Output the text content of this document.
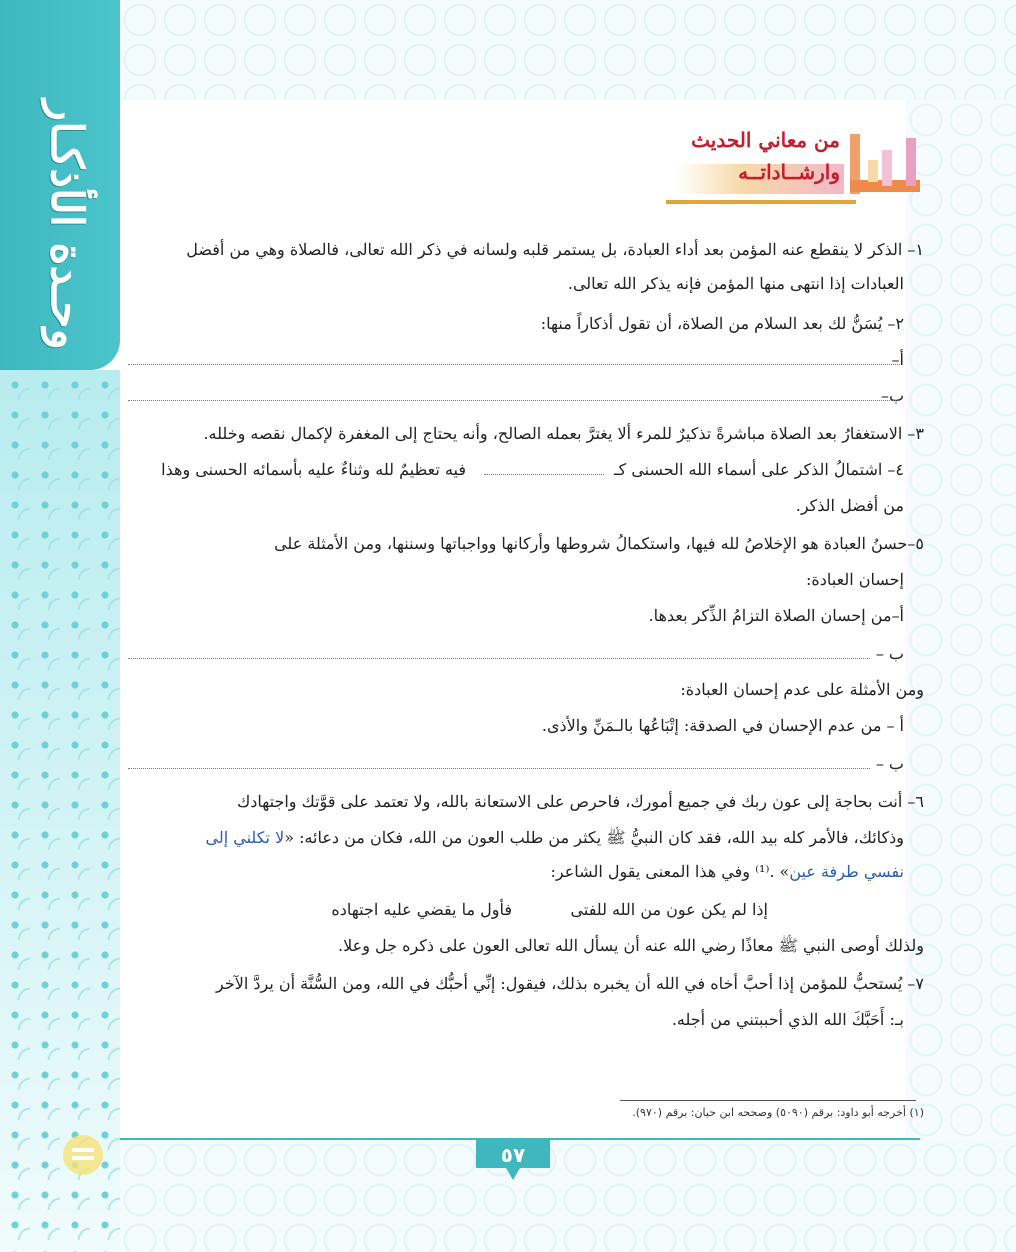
وحـدة الأذكـار	من معاني الحديث
وارشــاداتــه
١– الذكر لا ينقطع عنه المؤمن بعد أداء العبادة، بل يستمر قلبه ولسانه في ذكر الله تعالى، فالصلاة وهي من أفضل
العبادات إذا انتهى منها المؤمن فإنه يذكر الله تعالى.
٢– يُسَنُّ لك بعد السلام من الصلاة، أن تقول أذكاراً منها:
أ–
ب–
٣– الاستغفارُ بعد الصلاة مباشرةً تذكيرٌ للمرء ألا يغترَّ بعمله الصالح، وأنه يحتاج إلى المغفرة لإكمال نقصه وخلله.
٤– اشتمالُ الذكر على أسماء الله الحسنى كـ
فيه تعظيمٌ لله وثناءٌ عليه بأسمائه الحسنى وهذا
من أفضل الذكر.
٥–حسنُ العبادة هو الإخلاصُ لله فيها، واستكمالُ شروطها وأركانها وواجباتها وسننها، ومن الأمثلة على
إحسان العبادة:
أ–من إحسان الصلاة التزامُ الذِّكر بعدها.
ب –
ومن الأمثلة على عدم إحسان العبادة:
أ – من عدم الإحسان في الصدقة: إتْبَاعُها بالـمَنِّ والأذى.
ب –
٦– أنت بحاجة إلى عون ربك في جميع أمورك، فاحرص على الاستعانة بالله، ولا تعتمد على قوَّتك واجتهادك
وذكائك، فالأمر كله بيد الله، فقد كان النبيُّ ﷺ يكثر من طلب العون من الله، فكان من دعائه: «لا تكلني إلى
نفسي طرفة عين» .⁽¹⁾ وفي هذا المعنى يقول الشاعر:
إذا لم يكن عون من الله للفتى
فأول ما يقضي عليه اجتهاده
ولذلك أوصى النبي ﷺ معاذًا رضي الله عنه أن يسأل الله تعالى العون على ذكره جل وعلا.
٧– يُستحبُّ للمؤمن إذا أحبَّ أخاه في الله أن يخبره بذلك، فيقول: إنِّي أحبُّك في الله، ومن السُّنَّة أن يردَّ الآخر
بـ: أَحَبَّكَ الله الذي أحببتني من أجله.
(١) أخرجه أبو داود: برقم (٥٠٩٠) وصححه ابن حيان: برقم (٩٧٠).
٥٧
